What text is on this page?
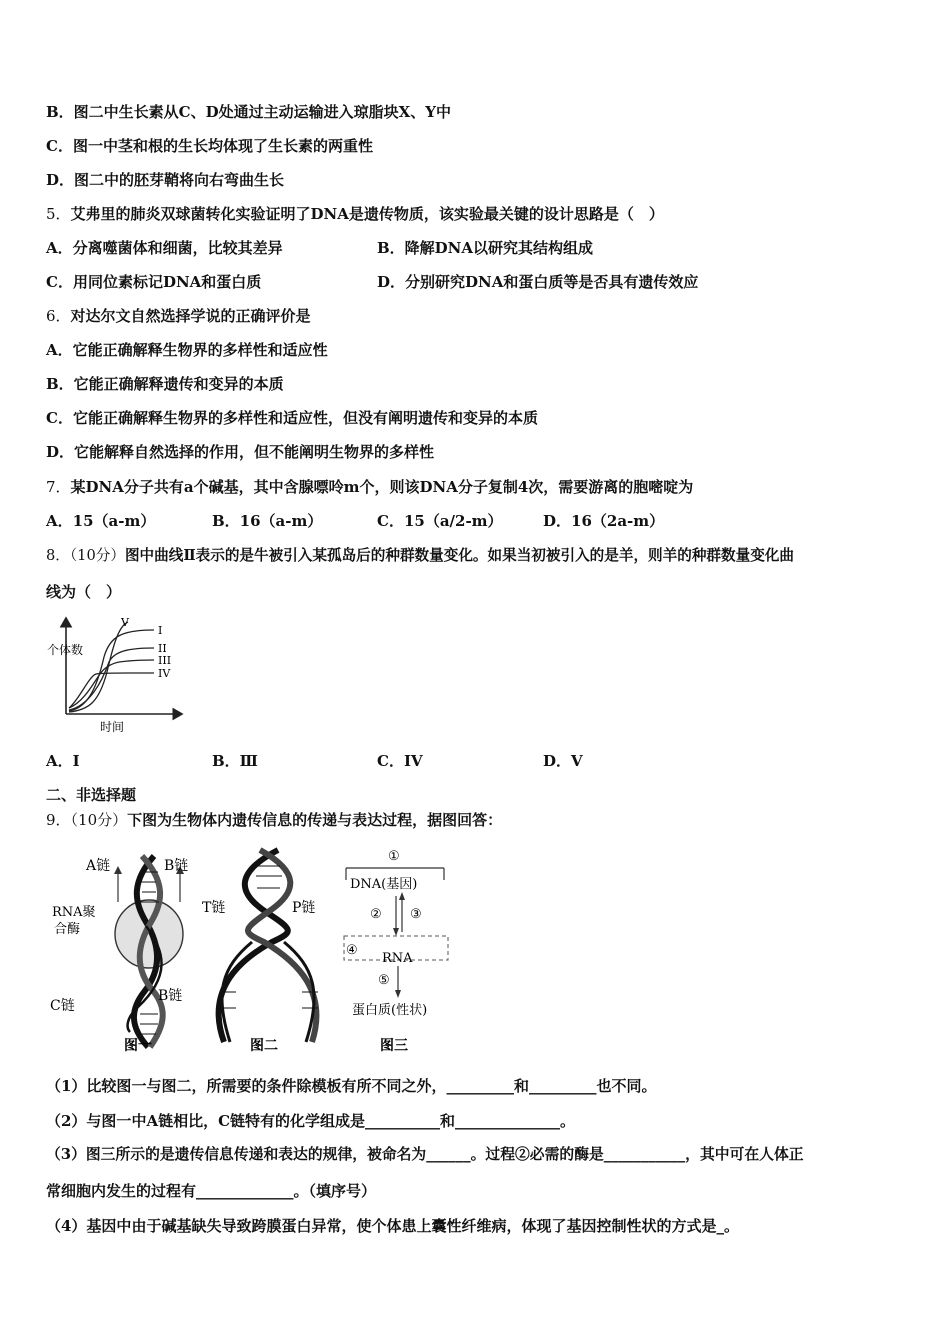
B．图二中生长素从C、D处通过主动运输进入琼脂块X、Y中
C．图一中茎和根的生长均体现了生长素的两重性
D．图二中的胚芽鞘将向右弯曲生长
5．艾弗里的肺炎双球菌转化实验证明了DNA是遗传物质，该实验最关键的设计思路是（　）
A．分离噬菌体和细菌，比较其差异	B．降解DNA以研究其结构组成
C．用同位素标记DNA和蛋白质	D．分别研究DNA和蛋白质等是否具有遗传效应
6．对达尔文自然选择学说的正确评价是
A．它能正确解释生物界的多样性和适应性
B．它能正确解释遗传和变异的本质
C．它能正确解释生物界的多样性和适应性，但没有阐明遗传和变异的本质
D．它能解释自然选择的作用，但不能阐明生物界的多样性
7．某DNA分子共有a个碱基，其中含腺嘌呤m个，则该DNA分子复制4次，需要游离的胞嘧啶为
A．15（a-m）	B．16（a-m）	C．15（a/2-m）	D．16（2a-m）
8．（10分）图中曲线Ⅱ表示的是牛被引入某孤岛后的种群数量变化。如果当初被引入的是羊，则羊的种群数量变化曲
线为（　）
个体数
时间
V
I
II
III
IV
A．I	B．Ⅲ	C．IV	D．V
二、非选择题
9．（10分）下图为生物体内遗传信息的传递与表达过程，据图回答：
A链	B链
RNA聚
合酶
C链
B链
图一
T链	P链
图二
①
DNA(基因)
② ③
④
RNA
⑤
蛋白质(性状)
图三
（1）比较图一与图二，所需要的条件除模板有所不同之外，_________和_________也不同。
（2）与图一中A链相比，C链特有的化学组成是__________和______________。
（3）图三所示的是遗传信息传递和表达的规律，被命名为______。过程②必需的酶是___________，其中可在人体正
常细胞内发生的过程有_____________。（填序号）
（4）基因中由于碱基缺失导致跨膜蛋白异常，使个体患上囊性纤维病，体现了基因控制性状的方式是_。
